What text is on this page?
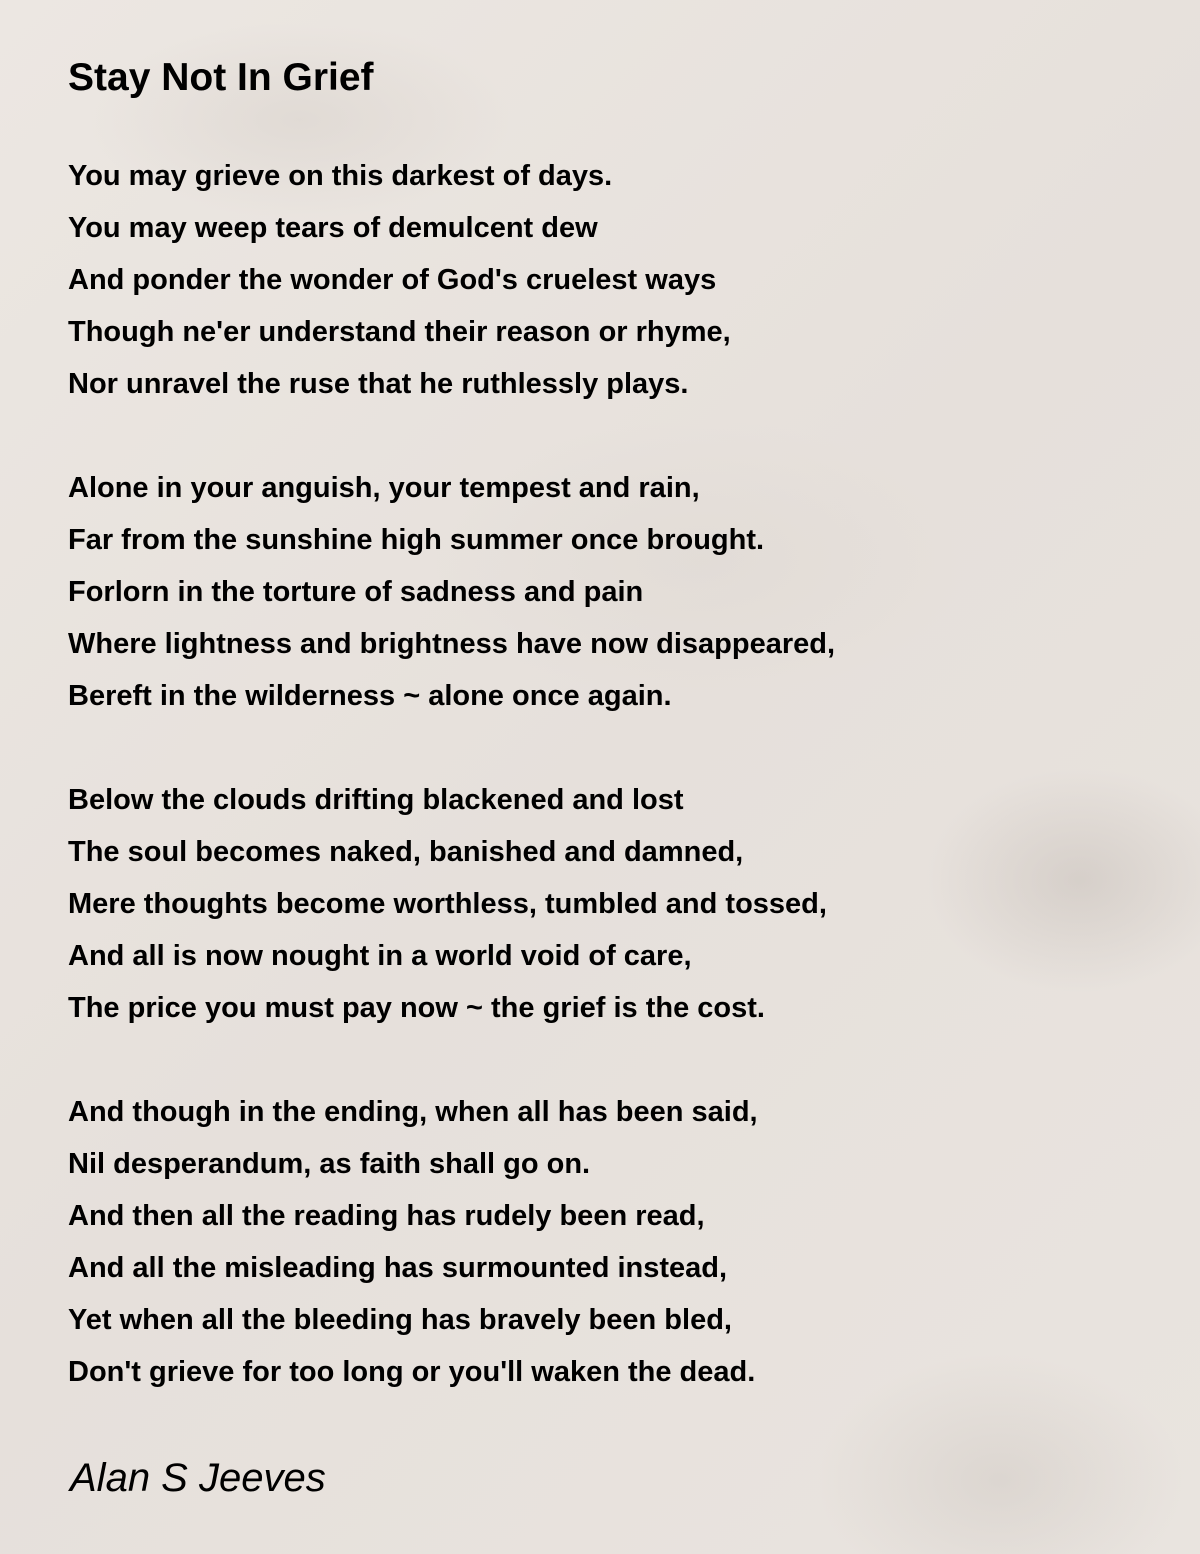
Stay Not In Grief
You may grieve on this darkest of days.
You may weep tears of demulcent dew
And ponder the wonder of God's cruelest ways
Though ne'er understand their reason or rhyme,
Nor unravel the ruse that he ruthlessly plays.
Alone in your anguish, your tempest and rain,
Far from the sunshine high summer once brought.
Forlorn in the torture of sadness and pain
Where lightness and brightness have now disappeared,
Bereft in the wilderness ~ alone once again.
Below the clouds drifting blackened and lost
The soul becomes naked, banished and damned,
Mere thoughts become worthless, tumbled and tossed,
And all is now nought in a world void of care,
The price you must pay now ~ the grief is the cost.
And though in the ending, when all has been said,
Nil desperandum, as faith shall go on.
And then all the reading has rudely been read,
And all the misleading has surmounted instead,
Yet when all the bleeding has bravely been bled,
Don't grieve for too long or you'll waken the dead.
Alan S Jeeves
